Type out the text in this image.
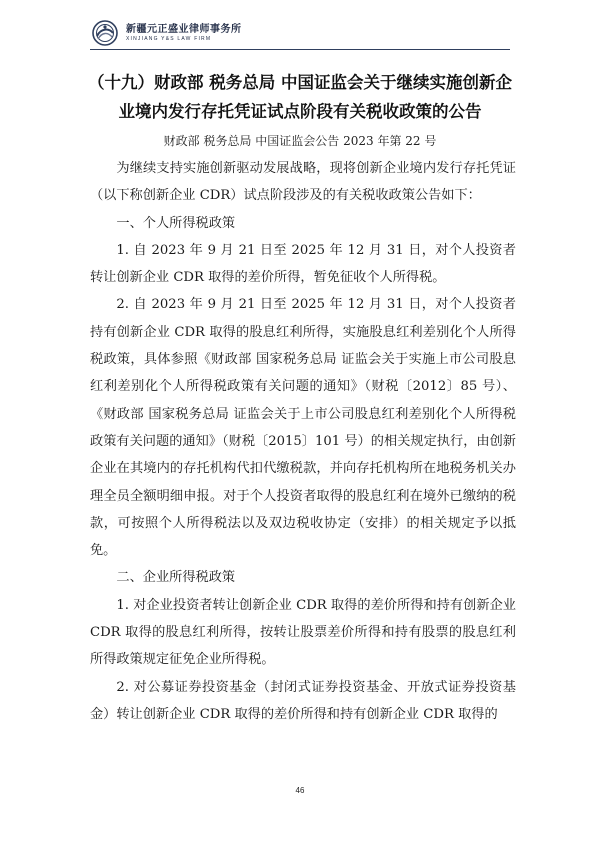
新疆元正盛业律师事务所
XINJIANG Y&S LAW FIRM
（十九）财政部 税务总局 中国证监会关于继续实施创新企
业境内发行存托凭证试点阶段有关税收政策的公告
财政部 税务总局 中国证监会公告 2023 年第 22 号

为继续支持实施创新驱动发展战略，现将创新企业境内发行存托凭证（以下称创新企业 CDR）试点阶段涉及的有关税收政策公告如下：

一、个人所得税政策

1. 自 2023 年 9 月 21 日至 2025 年 12 月 31 日，对个人投资者转让创新企业 CDR 取得的差价所得，暂免征收个人所得税。

2. 自 2023 年 9 月 21 日至 2025 年 12 月 31 日，对个人投资者持有创新企业 CDR 取得的股息红利所得，实施股息红利差别化个人所得税政策，具体参照《财政部 国家税务总局 证监会关于实施上市公司股息红利差别化个人所得税政策有关问题的通知》（财税〔2012〕85 号）、《财政部 国家税务总局 证监会关于上市公司股息红利差别化个人所得税政策有关问题的通知》（财税〔2015〕101 号）的相关规定执行，由创新企业在其境内的存托机构代扣代缴税款，并向存托机构所在地税务机关办理全员全额明细申报。对于个人投资者取得的股息红利在境外已缴纳的税款，可按照个人所得税法以及双边税收协定（安排）的相关规定予以抵免。

二、企业所得税政策

1. 对企业投资者转让创新企业 CDR 取得的差价所得和持有创新企业 CDR 取得的股息红利所得，按转让股票差价所得和持有股票的股息红利所得政策规定征免企业所得税。

2. 对公募证券投资基金（封闭式证券投资基金、开放式证券投资基金）转让创新企业 CDR 取得的差价所得和持有创新企业 CDR 取得的

46
